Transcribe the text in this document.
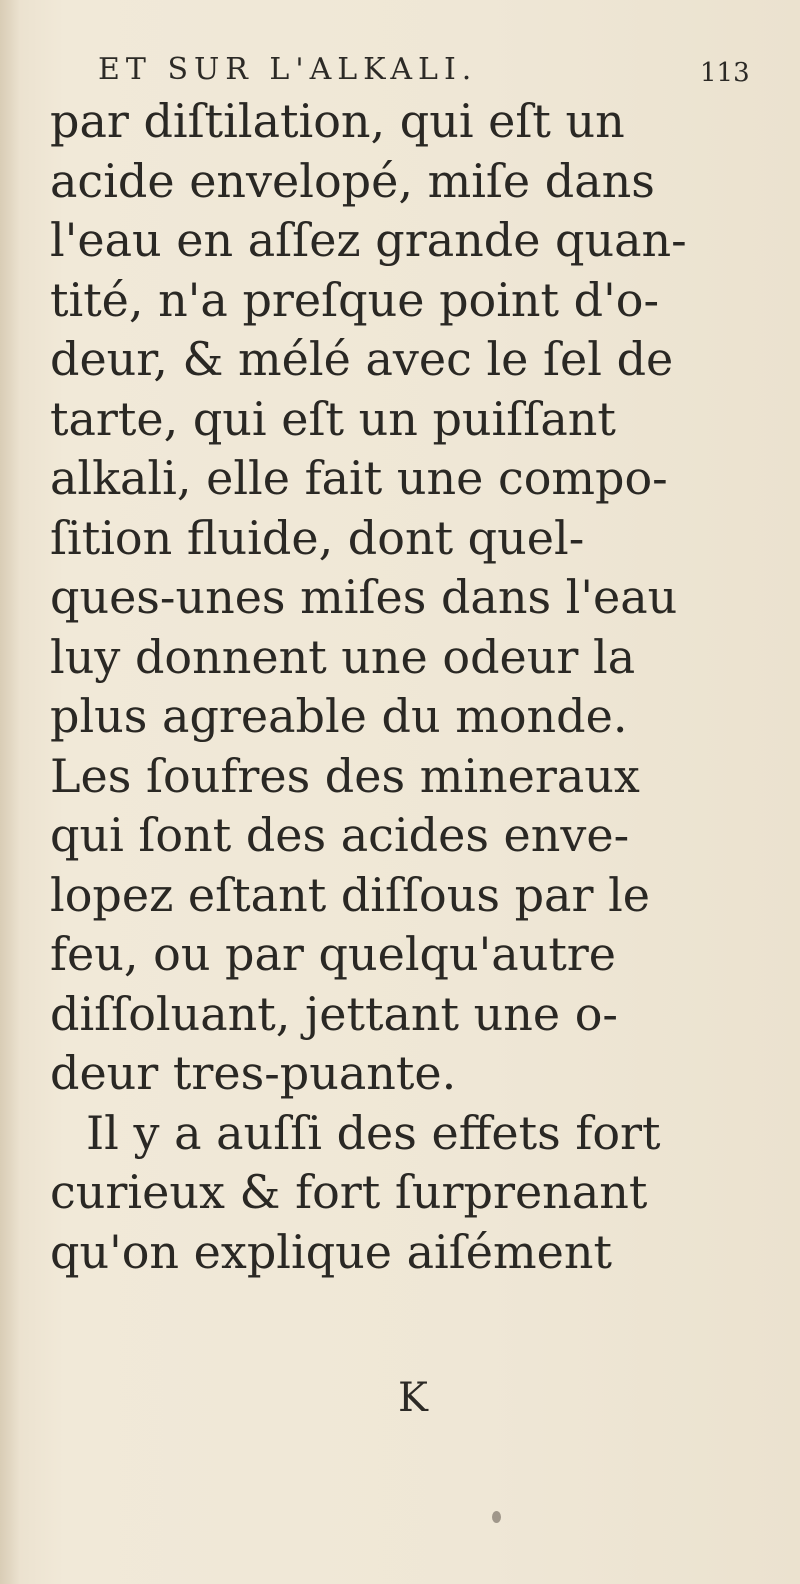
ET SUR L'ALKALI.	113
par diſtilation, qui eſt un
acide envelopé, miſe dans
l'eau en aſſez grande quan-
tité, n'a preſque point d'o-
deur, & mélé avec le ſel de
tarte, qui eſt un puiſſant
alkali, elle fait une compo-
ſition fluide, dont quel-
ques-unes miſes dans l'eau
luy donnent une odeur la
plus agreable du monde.
Les ſoufres des mineraux
qui ſont des acides enve-
lopez eſtant diſſous par le
feu, ou par quelqu'autre
diſſoluant, jettant une o-
deur tres-puante.
Il y a auſſi des effets fort
curieux & fort ſurprenant
qu'on explique aiſément
K
